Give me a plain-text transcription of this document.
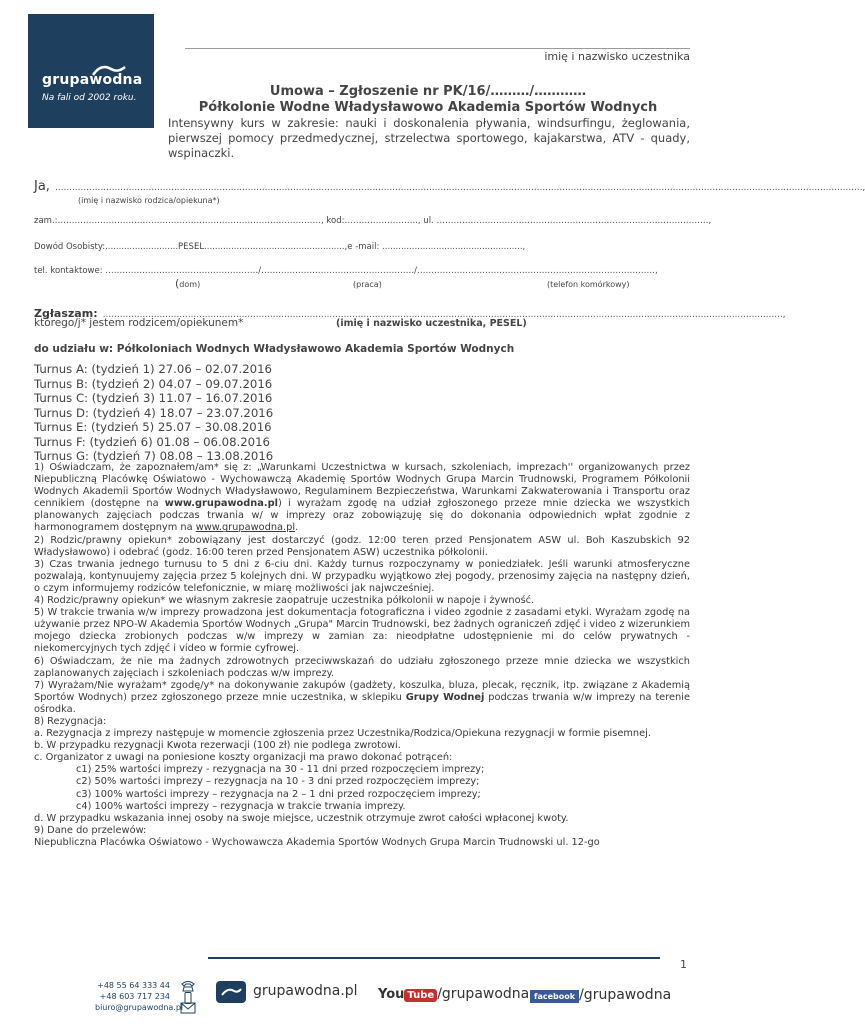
grupawodna
Na fali od 2002 roku.
imię i nazwisko uczestnika
Umowa – Zgłoszenie nr PK/16/………/…………
Półkolonie Wodne Władysławowo Akademia Sportów Wodnych
Intensywny kurs w zakresie: nauki i doskonalenia pływania, windsurfingu, żeglowania, pierwszej pomocy przedmedycznej, strzelectwa sportowego, kajakarstwa, ATV - quady, wspinaczki.
Ja, ……………………………………………………………………………………………………………………………………………………………………………………………………………………………………………………………,
(imię i nazwisko rodzica/opiekuna*)
zam.:…………………………………………………………………………………, kod:…………………….., ul. ……………………………………………………………………………………,
Dowód Osobisty:...........................PESEL....................................................,e -mail: ....................................................,
tel. kontaktowe: ………………………………………………/………………………………………………/…………………………………………………………………………,
(dom)	(praca)	(telefon komórkowy)
Zgłaszam: ……………………………………………………………………………………………………………………………………………………………………………………………………………………,
którego/j* jestem rodzicem/opiekunem*	(imię i nazwisko uczestnika, PESEL)
do udziału w: Półkoloniach Wodnych Władysławowo Akademia Sportów Wodnych
Turnus A: (tydzień 1) 27.06 – 02.07.2016
Turnus B: (tydzień 2) 04.07 – 09.07.2016
Turnus C: (tydzień 3) 11.07 – 16.07.2016
Turnus D: (tydzień 4) 18.07 – 23.07.2016
Turnus E: (tydzień 5) 25.07 – 30.08.2016
Turnus F: (tydzień 6) 01.08 – 06.08.2016
Turnus G: (tydzień 7) 08.08 – 13.08.2016

1) Oświadczam, że zapoznałem/am* się z: „Warunkami Uczestnictwa w kursach, szkoleniach, imprezach'' organizowanych przez Niepubliczną Placówkę Oświatowo - Wychowawczą Akademię Sportów Wodnych Grupa Marcin Trudnowski, Programem Półkolonii Wodnych Akademii Sportów Wodnych Władysławowo, Regulaminem Bezpieczeństwa, Warunkami Zakwaterowania i Transportu oraz cennikiem (dostępne na www.grupawodna.pl) i wyrażam zgodę na udział zgłoszonego przeze mnie dziecka we wszystkich planowanych zajęciach podczas trwania w/ w imprezy oraz zobowiązuję się do dokonania odpowiednich wpłat zgodnie z harmonogramem dostępnym na www.grupawodna.pl.

2) Rodzic/prawny opiekun* zobowiązany jest dostarczyć (godz. 12:00 teren przed Pensjonatem ASW ul. Boh Kaszubskich 92 Władysławowo) i odebrać (godz. 16:00 teren przed Pensjonatem ASW) uczestnika półkolonii.

3) Czas trwania jednego turnusu to 5 dni z 6-ciu dni. Każdy turnus rozpoczynamy w poniedziałek. Jeśli warunki atmosferyczne pozwalają, kontynuujemy zajęcia przez 5 kolejnych dni. W przypadku wyjątkowo złej pogody, przenosimy zajęcia na następny dzień, o czym informujemy rodziców telefonicznie, w miarę możliwości jak najwcześniej.

4) Rodzic/prawny opiekun* we własnym zakresie zaopatruje uczestnika półkolonii w napoje i żywność.

5) W trakcie trwania w/w imprezy prowadzona jest dokumentacja fotograficzna i video zgodnie z zasadami etyki. Wyrażam zgodę na używanie przez NPO-W Akademia Sportów Wodnych „Grupa" Marcin Trudnowski, bez żadnych ograniczeń zdjęć i video z wizerunkiem mojego dziecka zrobionych podczas w/w imprezy w zamian za: nieodpłatne udostępnienie mi do celów prywatnych - niekomercyjnych tych zdjęć i video w formie cyfrowej.

6) Oświadczam, że nie ma żadnych zdrowotnych przeciwwskazań do udziału zgłoszonego przeze mnie dziecka we wszystkich zaplanowanych zajęciach i szkoleniach podczas w/w imprezy.

7) Wyrażam/Nie wyrażam* zgodę/y* na dokonywanie zakupów (gadżety, koszulka, bluza, plecak, ręcznik, itp. związane z Akademią Sportów Wodnych) przez zgłoszonego przeze mnie uczestnika, w sklepiku Grupy Wodnej podczas trwania w/w imprezy na terenie ośrodka.

8) Rezygnacja:

a. Rezygnacja z imprezy następuje w momencie zgłoszenia przez Uczestnika/Rodzica/Opiekuna rezygnacji w formie pisemnej.

b. W przypadku rezygnacji Kwota rezerwacji (100 zł) nie podlega zwrotowi.

c. Organizator z uwagi na poniesione koszty organizacji ma prawo dokonać potrąceń:

c1) 25% wartości imprezy - rezygnacja na 30 - 11 dni przed rozpoczęciem imprezy;

c2) 50% wartości imprezy – rezygnacja na 10 - 3 dni przed rozpoczęciem imprezy;

c3) 100% wartości imprezy – rezygnacja na 2 – 1 dni przed rozpoczęciem imprezy;

c4) 100% wartości imprezy – rezygnacja w trakcie trwania imprezy.

d. W przypadku wskazania innej osoby na swoje miejsce, uczestnik otrzymuje zwrot całości wpłaconej kwoty.

9) Dane do przelewów:

Niepubliczna Placówka Oświatowo - Wychowawcza Akademia Sportów Wodnych Grupa Marcin Trudnowski ul. 12-go

1
+48 55 64 333 44
+48 603 717 234
biuro@grupawodna.pl
grupawodna.pl You Tube /grupawodna facebook /grupawodna
